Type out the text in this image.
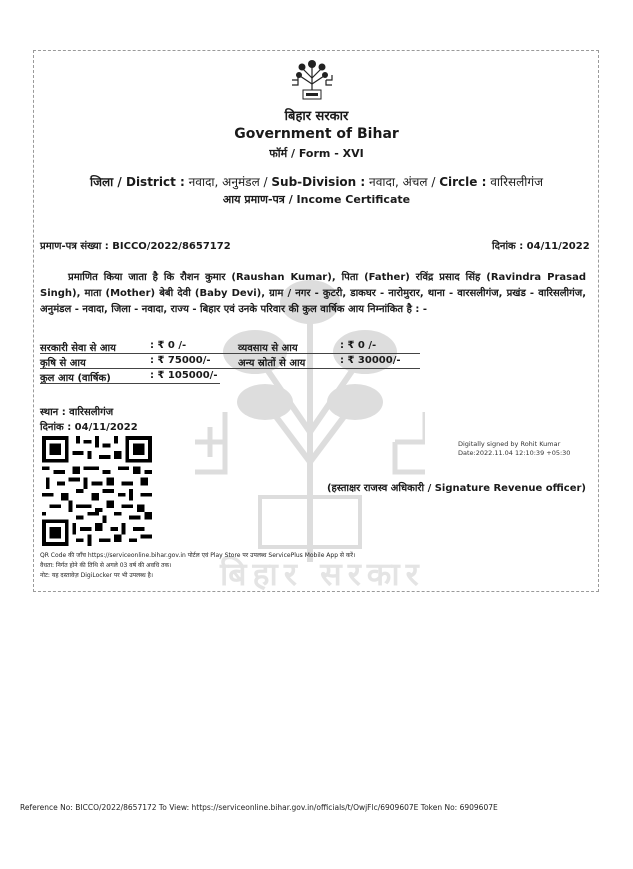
बिहार सरकार
बिहार सरकार
Government of Bihar
फॉर्म / Form - XVI
जिला / District : नवादा, अनुमंडल / Sub-Division : नवादा, अंचल / Circle : वारिसलीगंज
आय प्रमाण-पत्र / Income Certificate
प्रमाण-पत्र संख्या : BICCO/2022/8657172	दिनांक : 04/11/2022
प्रमाणित किया जाता है कि रौशन कुमार (Raushan Kumar), पिता (Father) रविंद्र प्रसाद सिंह (Ravindra Prasad Singh), माता (Mother) बेबी देवी (Baby Devi), ग्राम / नगर - कुटरी, डाकघर - नारोमुरार, थाना - वारसलीगंज, प्रखंड - वारिसलीगंज, अनुमंडल - नवादा, जिला - नवादा, राज्य - बिहार एवं उनके परिवार की कुल वार्षिक आय निम्नांकित है : -
सरकारी सेवा से आय	: ₹ 0 /-	व्यवसाय से आय	: ₹ 0 /-
कृषि से आय	: ₹ 75000/-	अन्य स्रोतों से आय	: ₹ 30000/-
कुल आय (वार्षिक)	: ₹ 105000/-
स्थान : वारिसलीगंज
दिनांक : 04/11/2022
Digitally signed by Rohit Kumar
Date:2022.11.04 12:10:39 +05:30
(हस्ताक्षर राजस्व अधिकारी / Signature Revenue officer)
QR Code की जाँच https://serviceonline.bihar.gov.in पोर्टल एवं Play Store पर उपलब्ध ServicePlus Mobile App से करें।
वैधता: निर्गत होने की तिथि से अगले 03 वर्ष की अवधि तक।
नोट: यह दस्तावेज़ DigiLocker पर भी उपलब्ध है।
Reference No: BICCO/2022/8657172 To View: https://serviceonline.bihar.gov.in/officials/t/OwjFlc/6909607E Token No: 6909607E
